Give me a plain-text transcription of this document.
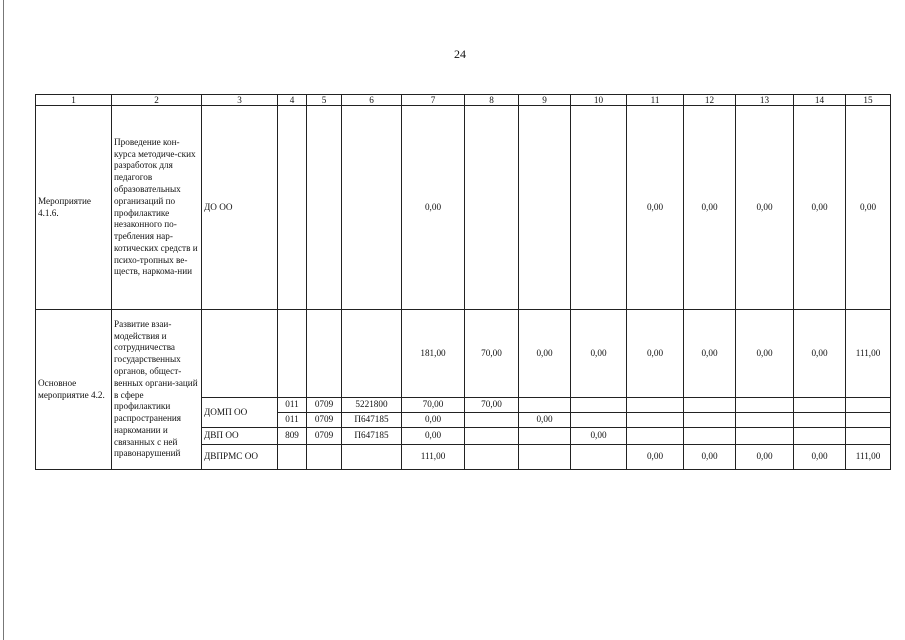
24
1	2	3	4	5	6	7	8	9	10	11	12	13	14	15
Мероприятие 4.1.6.	Проведение кон-курса методиче-ских разработок для педагогов образовательных организаций по профилактике незаконного по-требления нар-котических средств и психо-тропных ве-ществ, наркома-нии	ДО ОО				0,00				0,00	0,00	0,00	0,00	0,00
Основное мероприятие 4.2.	Развитие взаи-модействия и сотрудничества государственных органов, общест-венных органи-заций в сфере профилактики распространения наркомании и связанных с ней правонарушений					181,00	70,00	0,00	0,00	0,00	0,00	0,00	0,00	111,00
		ДОМП ОО	011	0709	5221800	70,00	70,00							
			011	0709	П647185	0,00		0,00						
		ДВП ОО	809	0709	П647185	0,00			0,00					
		ДВПРМС ОО				111,00				0,00	0,00	0,00	0,00	111,00
